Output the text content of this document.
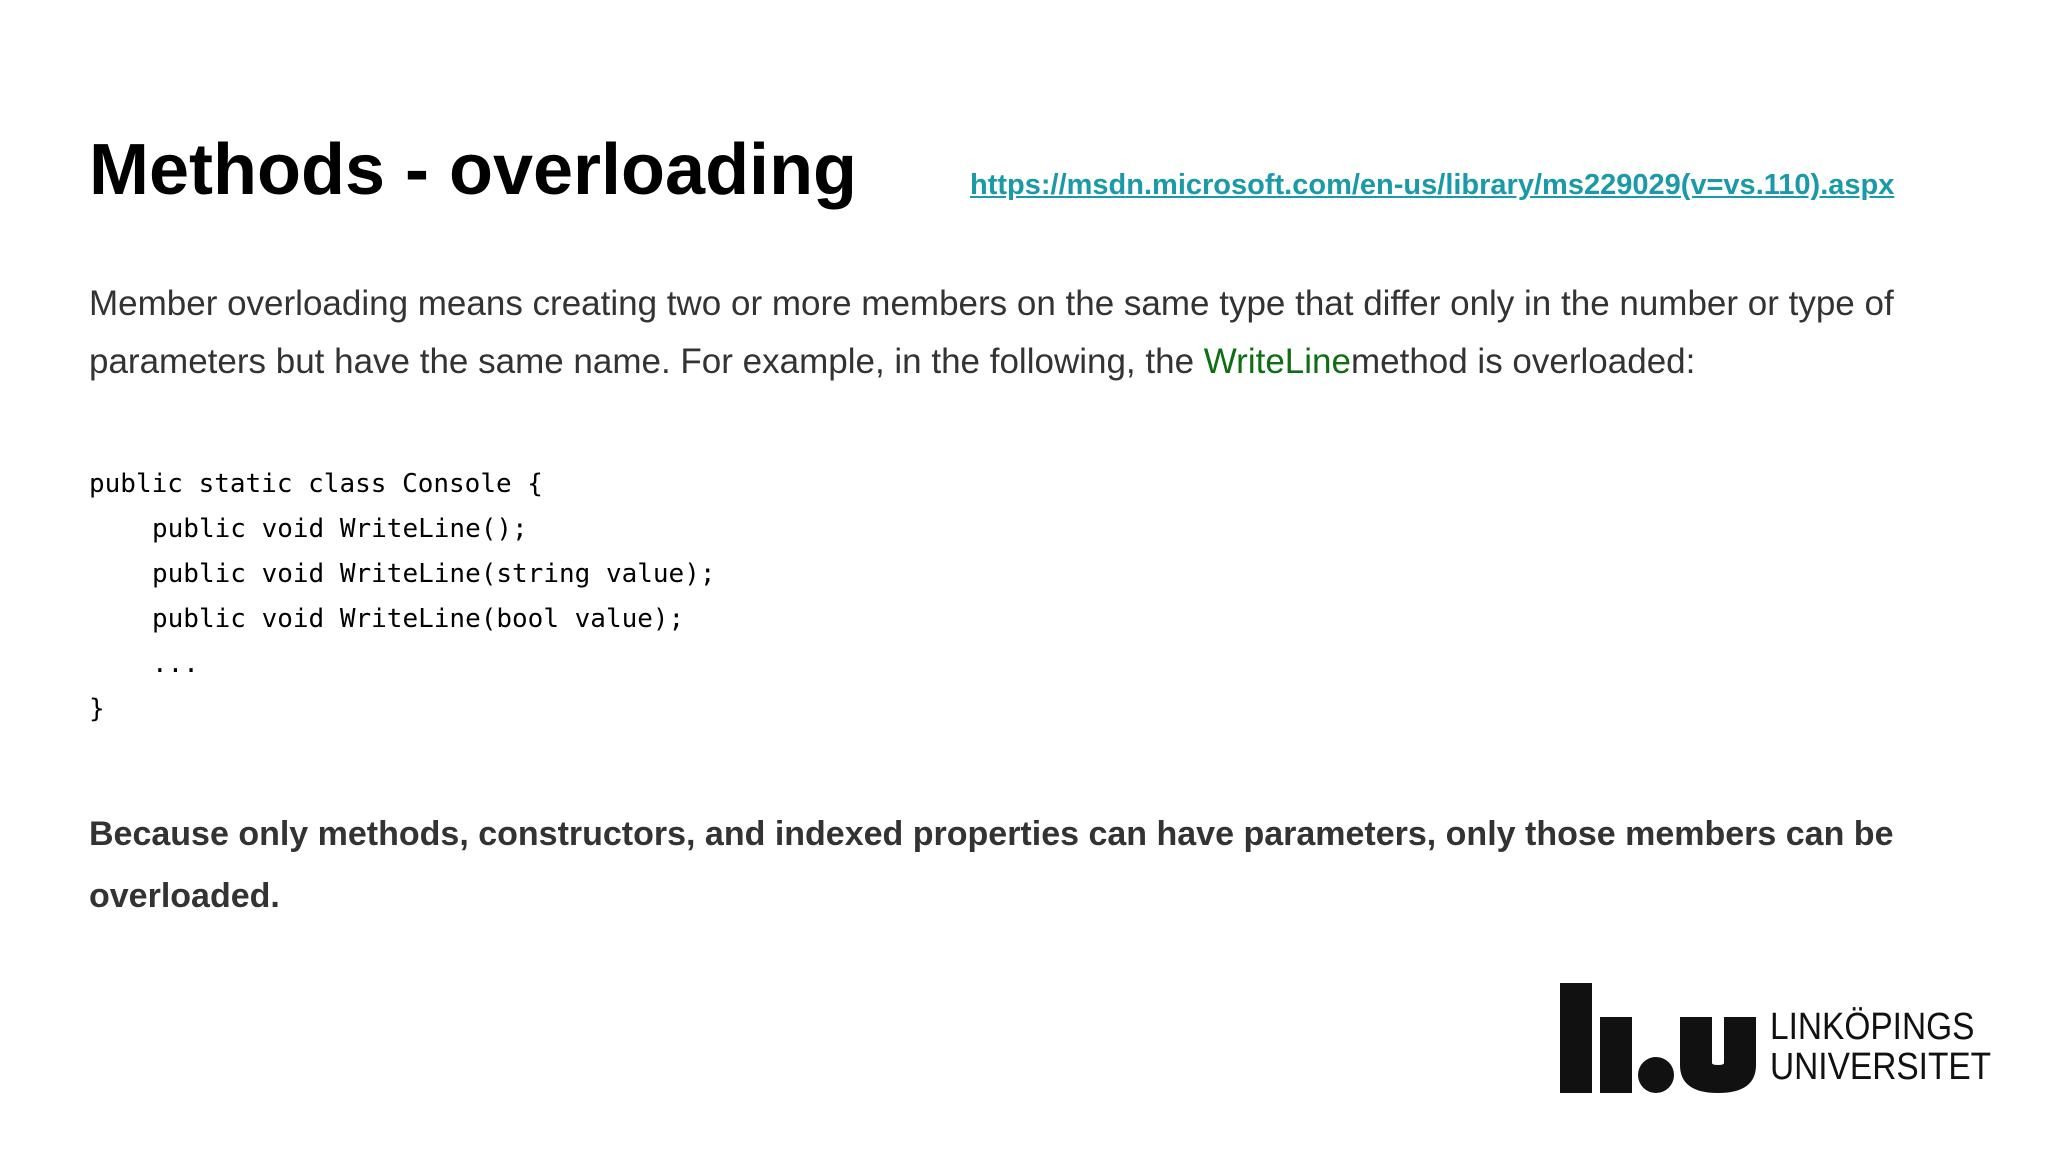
Methods - overloading	https://msdn.microsoft.com/en-us/library/ms229029(v=vs.110).aspx

Member overloading means creating two or more members on the same type that differ only in the number or type of parameters but have the same name. For example, in the following, the WriteLinemethod is overloaded:

public static class Console {
public void WriteLine();
public void WriteLine(string value);
public void WriteLine(bool value);
...
}

Because only methods, constructors, and indexed properties can have parameters, only those members can be overloaded.

LINKÖPINGS
UNIVERSITET
